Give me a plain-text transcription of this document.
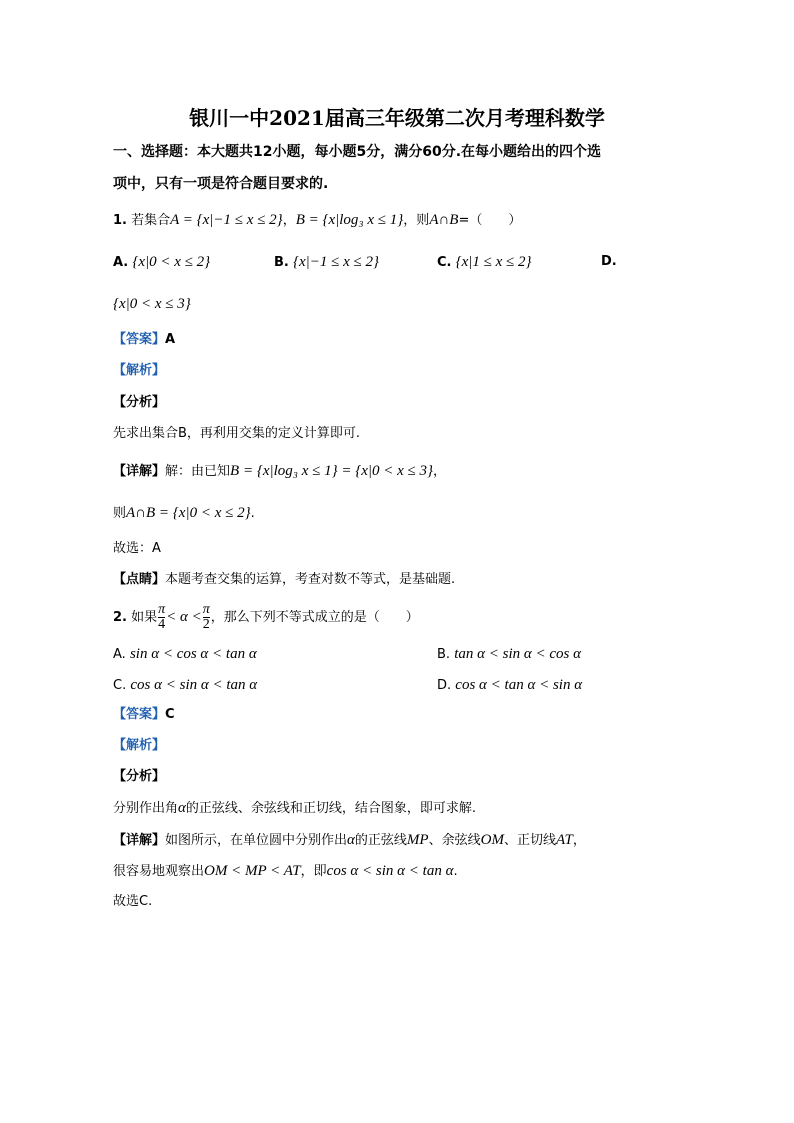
银川一中2021届高三年级第二次月考理科数学
一、选择题：本大题共12小题，每小题5分，满分60分.在每小题给出的四个选
项中，只有一项是符合题目要求的.
1. 若集合A = {x|−1 ≤ x ≤ 2}，B = {x|log₃ x ≤ 1}，则A∩B=（　　）
A. {x|0 < x ≤ 2}	B. {x|−1 ≤ x ≤ 2}	C. {x|1 ≤ x ≤ 2}	D.
{x|0 < x ≤ 3}
【答案】A
【解析】
【分析】
先求出集合B，再利用交集的定义计算即可.
【详解】解：由已知B = {x|log₃ x ≤ 1} = {x|0 < x ≤ 3}，
则A∩B = {x|0 < x ≤ 2}.
故选：A
【点睛】本题考查交集的运算，考查对数不等式，是基础题.
2. 如果 $\frac{\pi}{4} < \alpha < \frac{\pi}{2}$ ，那么下列不等式成立的是（　　）
A. sin α < cos α < tan α	B. tan α < sin α < cos α
C. cos α < sin α < tan α	D. cos α < tan α < sin α
【答案】C
【解析】
【分析】
分别作出角α的正弦线、余弦线和正切线，结合图象，即可求解.
【详解】如图所示，在单位圆中分别作出α的正弦线MP、余弦线OM、正切线AT，
很容易地观察出OM < MP < AT，即cos α < sin α < tan α.
故选C.
